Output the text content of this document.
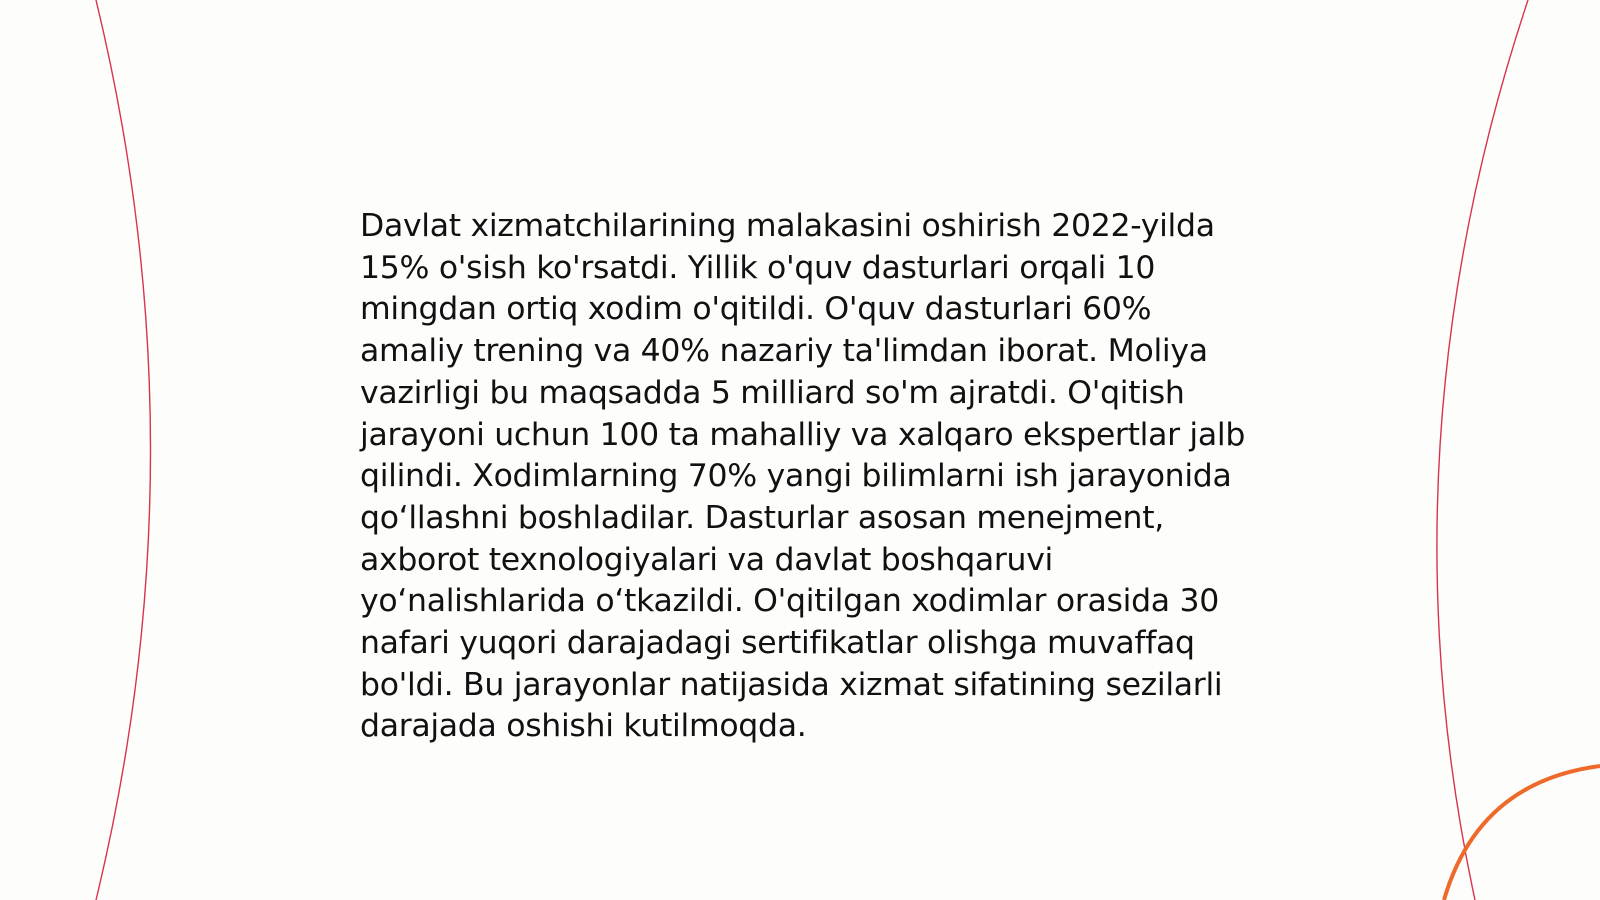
Davlat xizmatchilarining malakasini oshirish 2022-yilda 15% o'sish ko'rsatdi. Yillik o'quv dasturlari orqali 10 mingdan ortiq xodim o'qitildi. O'quv dasturlari 60% amaliy trening va 40% nazariy ta'limdan iborat. Moliya vazirligi bu maqsadda 5 milliard so'm ajratdi. O'qitish jarayoni uchun 100 ta mahalliy va xalqaro ekspertlar jalb qilindi. Xodimlarning 70% yangi bilimlarni ish jarayonida qo‘llashni boshladilar. Dasturlar asosan menejment, axborot texnologiyalari va davlat boshqaruvi yo‘nalishlarida o‘tkazildi. O'qitilgan xodimlar orasida 30 nafari yuqori darajadagi sertifikatlar olishga muvaffaq bo'ldi. Bu jarayonlar natijasida xizmat sifatining sezilarli darajada oshishi kutilmoqda.
